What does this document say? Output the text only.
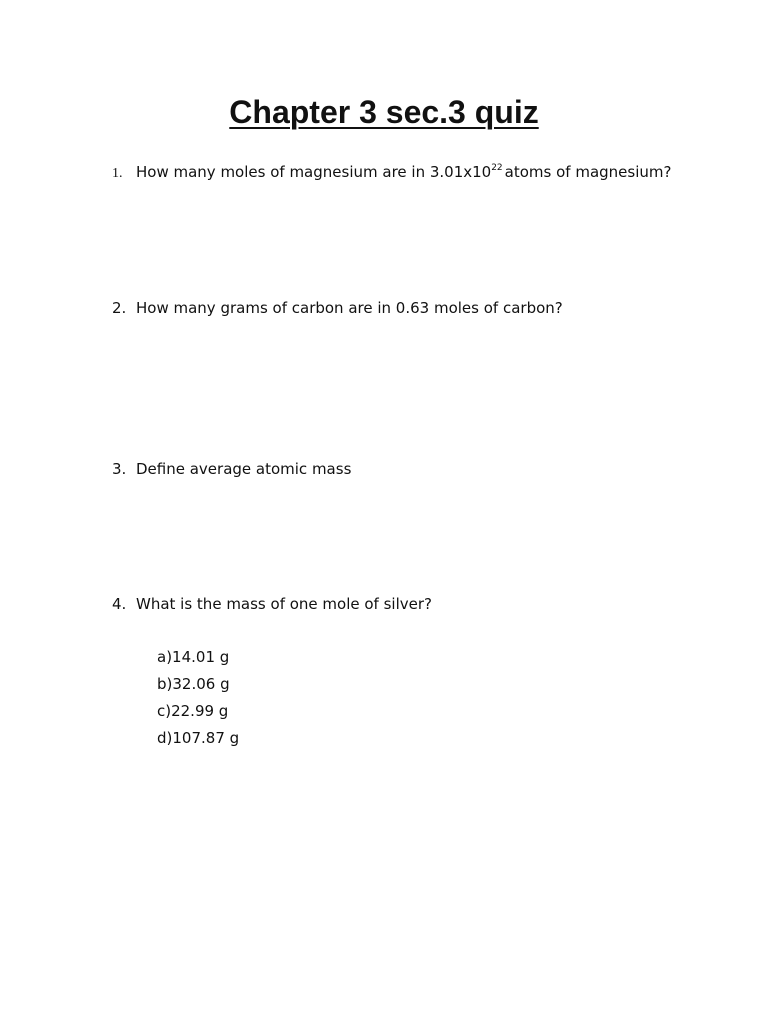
Chapter 3 sec.3 quiz
1. How many moles of magnesium are in $3.01x10^{22}$ atoms of magnesium?
2. How many grams of carbon are in 0.63 moles of carbon?
3. Define average atomic mass
4. What is the mass of one mole of silver?
a)14.01 g
b)32.06 g
c)22.99 g
d)107.87 g
